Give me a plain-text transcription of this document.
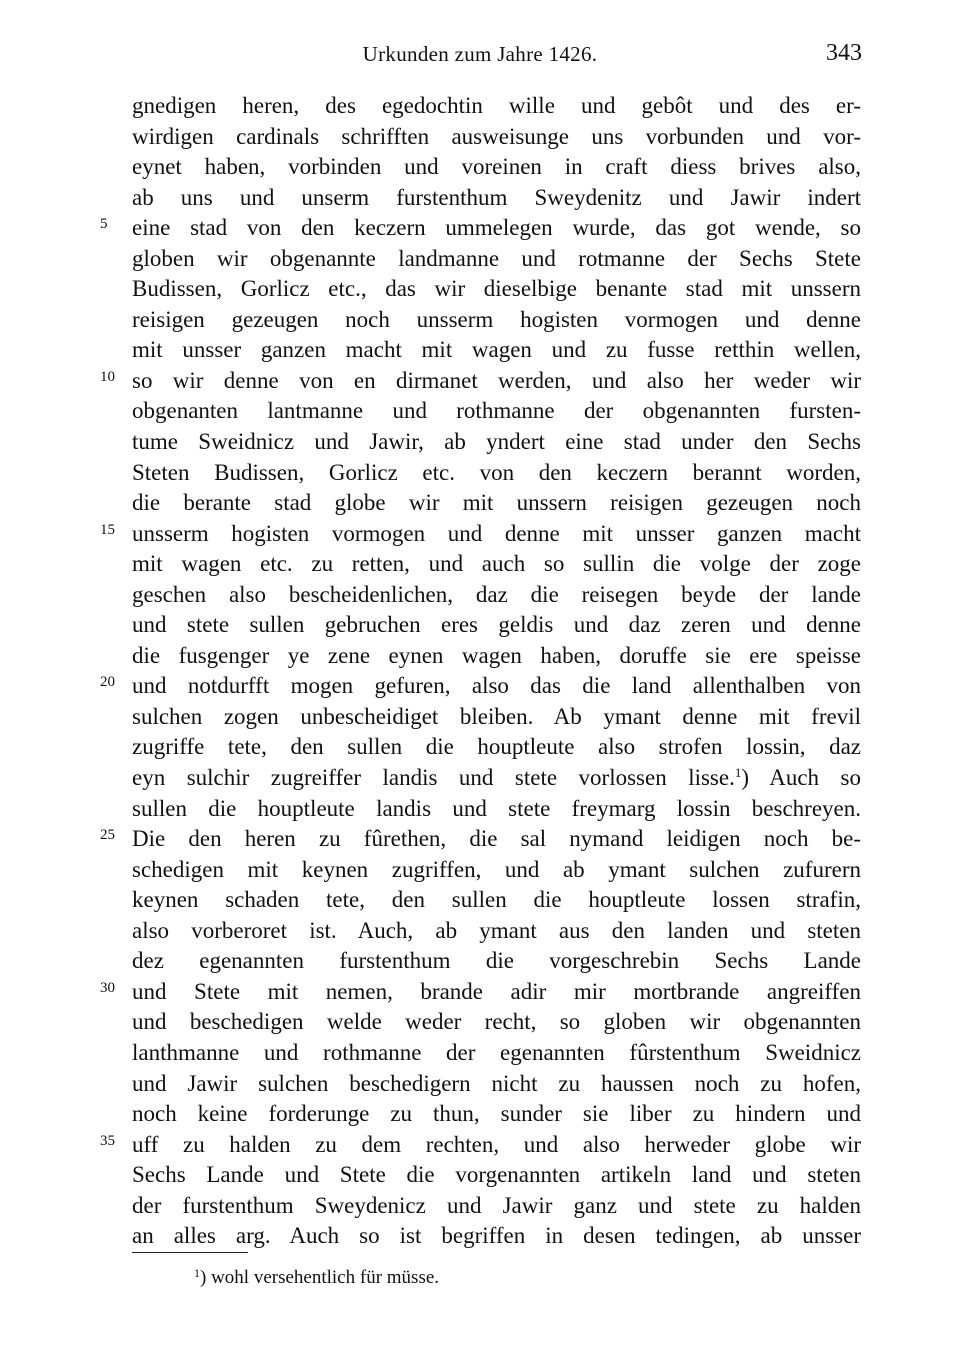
Urkunden zum Jahre 1426.	343
gnedigen heren, des egedochtin wille und gebôt und des er-
wirdigen cardinals schrifften ausweisunge uns vorbunden und vor-
eynet haben, vorbinden und voreinen in craft diess brives also,
ab uns und unserm furstenthum Sweydenitz und Jawir indert
5	eine stad von den keczern ummelegen wurde, das got wende, so
globen wir obgenannte landmanne und rotmanne der Sechs Stete
Budissen, Gorlicz etc., das wir dieselbige benante stad mit unssern
reisigen gezeugen noch unsserm hogisten vormogen und denne
mit unsser ganzen macht mit wagen und zu fusse retthin wellen,
10 so wir denne von en dirmanet werden, und also her weder wir
obgenanten lantmanne und rothmanne der obgenannten fursten-
tume Sweidnicz und Jawir, ab yndert eine stad under den Sechs
Steten Budissen, Gorlicz etc. von den keczern berannt worden,
die berante stad globe wir mit unssern reisigen gezeugen noch
15 unsserm hogisten vormogen und denne mit unsser ganzen macht
mit wagen etc. zu retten, und auch so sullin die volge der zoge
geschen also bescheidenlichen, daz die reisegen beyde der lande
und stete sullen gebruchen eres geldis und daz zeren und denne
die fusgenger ye zene eynen wagen haben, doruffe sie ere speisse
20 und notdurfft mogen gefuren, also das die land allenthalben von
sulchen zogen unbescheidiget bleiben. Ab ymant denne mit frevil
zugriffe tete, den sullen die houptleute also strofen lossin, daz
eyn sulchir zugreiffer landis und stete vorlossen lisse.$^1$) Auch so
sullen die houptleute landis und stete freymarg lossin beschreyen.
25 Die den heren zu fûrethen, die sal nymand leidigen noch be-
schedigen mit keynen zugriffen, und ab ymant sulchen zufurern
keynen schaden tete, den sullen die houptleute lossen strafin,
also vorberoret ist. Auch, ab ymant aus den landen und steten
dez egenannten furstenthum die vorgeschrebin Sechs Lande
30 und Stete mit nemen, brande adir mir mortbrande angreiffen
und beschedigen welde weder recht, so globen wir obgenannten
lanthmanne und rothmanne der egenannten fûrstenthum Sweidnicz
und Jawir sulchen beschedigern nicht zu haussen noch zu hofen,
noch keine forderunge zu thun, sunder sie liber zu hindern und
35 uff zu halden zu dem rechten, und also herweder globe wir
Sechs Lande und Stete die vorgenannten artikeln land und steten
der furstenthum Sweydenicz und Jawir ganz und stete zu halden
an alles arg. Auch so ist begriffen in desen tedingen, ab unsser
$^1$) wohl versehentlich für müsse.
